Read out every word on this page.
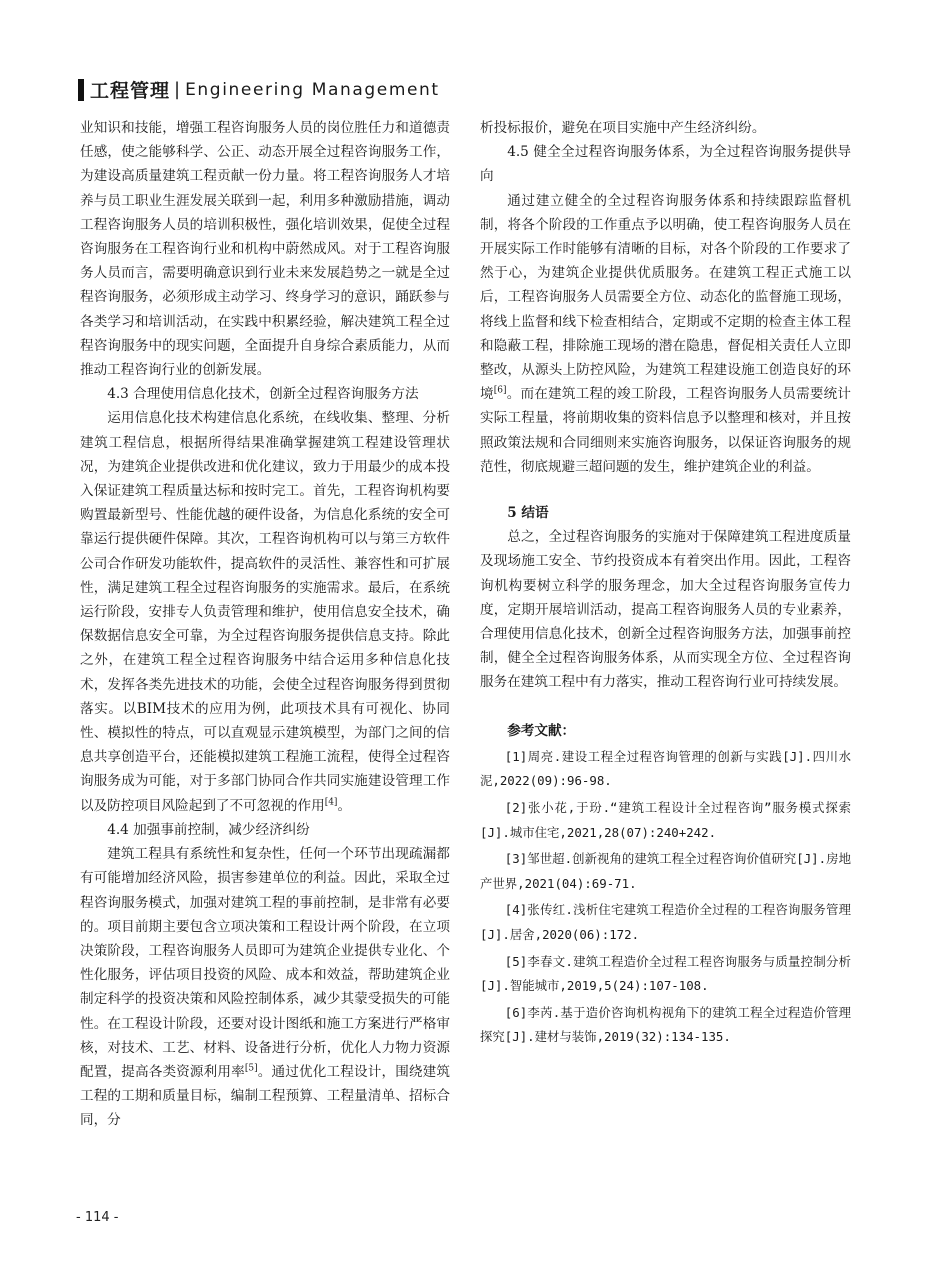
工程管理 | Engineering Management

业知识和技能，增强工程咨询服务人员的岗位胜任力和道德责任感，使之能够科学、公正、动态开展全过程咨询服务工作，为建设高质量建筑工程贡献一份力量。将工程咨询服务人才培养与员工职业生涯发展关联到一起，利用多种激励措施，调动工程咨询服务人员的培训积极性，强化培训效果，促使全过程咨询服务在工程咨询行业和机构中蔚然成风。对于工程咨询服务人员而言，需要明确意识到行业未来发展趋势之一就是全过程咨询服务，必须形成主动学习、终身学习的意识，踊跃参与各类学习和培训活动，在实践中积累经验，解决建筑工程全过程咨询服务中的现实问题，全面提升自身综合素质能力，从而推动工程咨询行业的创新发展。

4.3 合理使用信息化技术，创新全过程咨询服务方法

运用信息化技术构建信息化系统，在线收集、整理、分析建筑工程信息，根据所得结果准确掌握建筑工程建设管理状况，为建筑企业提供改进和优化建议，致力于用最少的成本投入保证建筑工程质量达标和按时完工。首先，工程咨询机构要购置最新型号、性能优越的硬件设备，为信息化系统的安全可靠运行提供硬件保障。其次，工程咨询机构可以与第三方软件公司合作研发功能软件，提高软件的灵活性、兼容性和可扩展性，满足建筑工程全过程咨询服务的实施需求。最后，在系统运行阶段，安排专人负责管理和维护，使用信息安全技术，确保数据信息安全可靠，为全过程咨询服务提供信息支持。除此之外，在建筑工程全过程咨询服务中结合运用多种信息化技术，发挥各类先进技术的功能，会使全过程咨询服务得到贯彻落实。以BIM技术的应用为例，此项技术具有可视化、协同性、模拟性的特点，可以直观显示建筑模型，为部门之间的信息共享创造平台，还能模拟建筑工程施工流程，使得全过程咨询服务成为可能，对于多部门协同合作共同实施建设管理工作以及防控项目风险起到了不可忽视的作用[4]。

4.4 加强事前控制，减少经济纠纷

建筑工程具有系统性和复杂性，任何一个环节出现疏漏都有可能增加经济风险，损害参建单位的利益。因此，采取全过程咨询服务模式，加强对建筑工程的事前控制，是非常有必要的。项目前期主要包含立项决策和工程设计两个阶段，在立项决策阶段，工程咨询服务人员即可为建筑企业提供专业化、个性化服务，评估项目投资的风险、成本和效益，帮助建筑企业制定科学的投资决策和风险控制体系，减少其蒙受损失的可能性。在工程设计阶段，还要对设计图纸和施工方案进行严格审核，对技术、工艺、材料、设备进行分析，优化人力物力资源配置，提高各类资源利用率[5]。通过优化工程设计，围绕建筑工程的工期和质量目标，编制工程预算、工程量清单、招标合同，分

析投标报价，避免在项目实施中产生经济纠纷。

4.5 健全全过程咨询服务体系，为全过程咨询服务提供导向

通过建立健全的全过程咨询服务体系和持续跟踪监督机制，将各个阶段的工作重点予以明确，使工程咨询服务人员在开展实际工作时能够有清晰的目标，对各个阶段的工作要求了然于心，为建筑企业提供优质服务。在建筑工程正式施工以后，工程咨询服务人员需要全方位、动态化的监督施工现场，将线上监督和线下检查相结合，定期或不定期的检查主体工程和隐蔽工程，排除施工现场的潜在隐患，督促相关责任人立即整改，从源头上防控风险，为建筑工程建设施工创造良好的环境[6]。而在建筑工程的竣工阶段，工程咨询服务人员需要统计实际工程量，将前期收集的资料信息予以整理和核对，并且按照政策法规和合同细则来实施咨询服务，以保证咨询服务的规范性，彻底规避三超问题的发生，维护建筑企业的利益。

5 结语

总之，全过程咨询服务的实施对于保障建筑工程进度质量及现场施工安全、节约投资成本有着突出作用。因此，工程咨询机构要树立科学的服务理念，加大全过程咨询服务宣传力度，定期开展培训活动，提高工程咨询服务人员的专业素养，合理使用信息化技术，创新全过程咨询服务方法，加强事前控制，健全全过程咨询服务体系，从而实现全方位、全过程咨询服务在建筑工程中有力落实，推动工程咨询行业可持续发展。

参考文献：

[1]周亮.建设工程全过程咨询管理的创新与实践[J].四川水泥,2022(09):96-98.

[2]张小花,于玢.“建筑工程设计全过程咨询”服务模式探索[J].城市住宅,2021,28(07):240+242.

[3]邹世超.创新视角的建筑工程全过程咨询价值研究[J].房地产世界,2021(04):69-71.

[4]张传红.浅析住宅建筑工程造价全过程的工程咨询服务管理[J].居舍,2020(06):172.

[5]李春文.建筑工程造价全过程工程咨询服务与质量控制分析[J].智能城市,2019,5(24):107-108.

[6]李芮.基于造价咨询机构视角下的建筑工程全过程造价管理探究[J].建材与装饰,2019(32):134-135.

- 114 -
